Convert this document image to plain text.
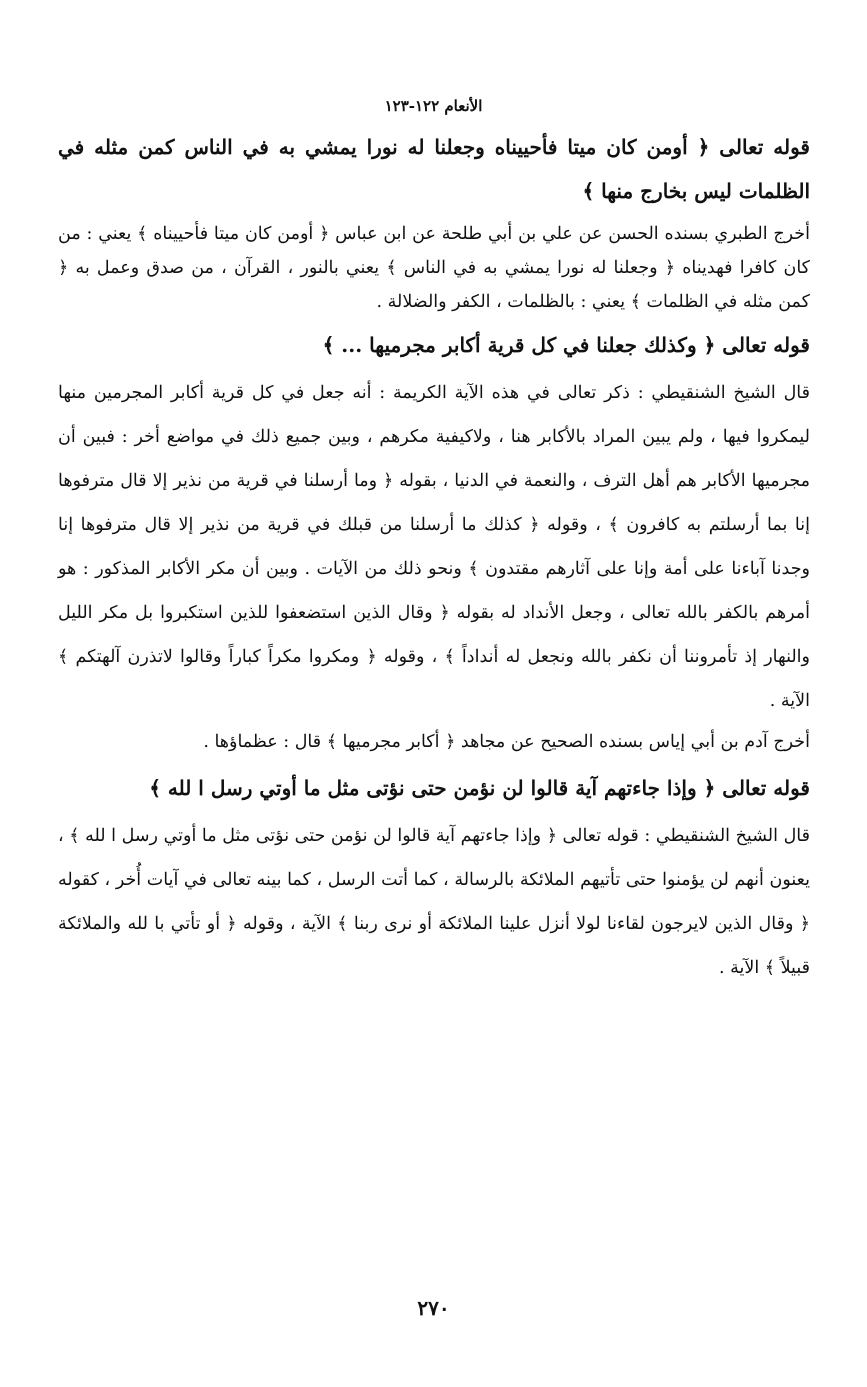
الأنعام ١٢٢-١٢٣

قوله تعالى ﴿ أومن كان ميتا فأحييناه وجعلنا له نورا يمشي به في الناس كمن مثله في الظلمات ليس بخارج منها ﴾

أخرج الطبري بسنده الحسن عن علي بن أبي طلحة عن ابن عباس ﴿ أومن كان ميتا فأحييناه ﴾ يعني : من كان كافرا فهديناه ﴿ وجعلنا له نورا يمشي به في الناس ﴾ يعني بالنور ، القرآن ، من صدق وعمل به ﴿ كمن مثله في الظلمات ﴾ يعني : بالظلمات ، الكفر والضلالة .

قوله تعالى ﴿ وكذلك جعلنا في كل قرية أكابر مجرميها ... ﴾

قال الشيخ الشنقيطي : ذكر تعالى في هذه الآية الكريمة : أنه جعل في كل قرية أكابر المجرمين منها ليمكروا فيها ، ولم يبين المراد بالأكابر هنا ، ولاكيفية مكرهم ، وبين جميع ذلك في مواضع أخر : فبين أن مجرميها الأكابر هم أهل الترف ، والنعمة في الدنيا ، بقوله ﴿ وما أرسلنا في قرية من نذير إلا قال مترفوها إنا بما أرسلتم به كافرون ﴾ ، وقوله ﴿ كذلك ما أرسلنا من قبلك في قرية من نذير إلا قال مترفوها إنا وجدنا آباءنا على أمة وإنا على آثارهم مقتدون ﴾ ونحو ذلك من الآيات . وبين أن مكر الأكابر المذكور : هو أمرهم بالكفر بالله تعالى ، وجعل الأنداد له بقوله ﴿ وقال الذين استضعفوا للذين استكبروا بل مكر الليل والنهار إذ تأمروننا أن نكفر بالله ونجعل له أنداداً ﴾ ، وقوله ﴿ ومكروا مكراً كباراً وقالوا لاتذرن آلهتكم ﴾ الآية .

أخرج آدم بن أبي إياس بسنده الصحيح عن مجاهد ﴿ أكابر مجرميها ﴾ قال : عظماؤها .

قوله تعالى ﴿ وإذا جاءتهم آية قالوا لن نؤمن حتى نؤتى مثل ما أوتي رسل ا لله ﴾

قال الشيخ الشنقيطي : قوله تعالى ﴿ وإذا جاءتهم آية قالوا لن نؤمن حتى نؤتى مثل ما أوتي رسل ا لله ﴾ ، يعنون أنهم لن يؤمنوا حتى تأتيهم الملائكة بالرسالة ، كما أتت الرسل ، كما بينه تعالى في آيات أُخر ، كقوله ﴿ وقال الذين لايرجون لقاءنا لولا أنزل علينا الملائكة أو نرى ربنا ﴾ الآية ، وقوله ﴿ أو تأتي با لله والملائكة قبيلاً ﴾ الآية .

٢٧٠
